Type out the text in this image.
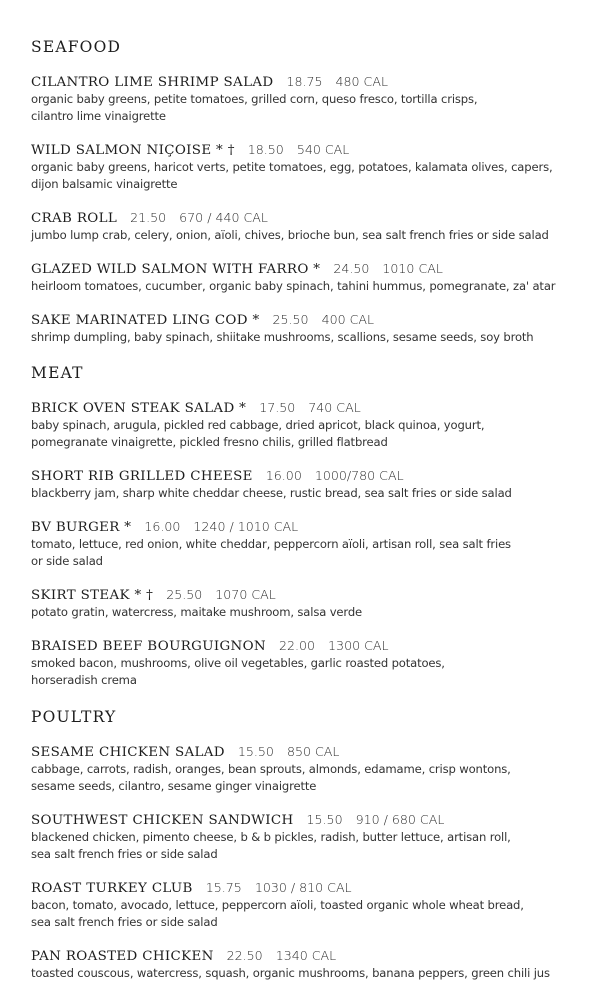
SEAFOOD
CILANTRO LIME SHRIMP SALAD 18.75 480 CAL
organic baby greens, petite tomatoes, grilled corn, queso fresco, tortilla crisps,
cilantro lime vinaigrette
WILD SALMON NIÇOISE * † 18.50 540 CAL
organic baby greens, haricot verts, petite tomatoes, egg, potatoes, kalamata olives, capers,
dijon balsamic vinaigrette
CRAB ROLL 21.50 670 / 440 CAL
jumbo lump crab, celery, onion, aïoli, chives, brioche bun, sea salt french fries or side salad
GLAZED WILD SALMON WITH FARRO * 24.50 1010 CAL
heirloom tomatoes, cucumber, organic baby spinach, tahini hummus, pomegranate, za' atar
SAKE MARINATED LING COD * 25.50 400 CAL
shrimp dumpling, baby spinach, shiitake mushrooms, scallions, sesame seeds, soy broth
MEAT
BRICK OVEN STEAK SALAD * 17.50 740 CAL
baby spinach, arugula, pickled red cabbage, dried apricot, black quinoa, yogurt,
pomegranate vinaigrette, pickled fresno chilis, grilled flatbread
SHORT RIB GRILLED CHEESE 16.00 1000/780 CAL
blackberry jam, sharp white cheddar cheese, rustic bread, sea salt fries or side salad
BV BURGER * 16.00 1240 / 1010 CAL
tomato, lettuce, red onion, white cheddar, peppercorn aïoli, artisan roll, sea salt fries
or side salad
SKIRT STEAK * † 25.50 1070 CAL
potato gratin, watercress, maitake mushroom, salsa verde
BRAISED BEEF BOURGUIGNON 22.00 1300 CAL
smoked bacon, mushrooms, olive oil vegetables, garlic roasted potatoes,
horseradish crema
POULTRY
SESAME CHICKEN SALAD 15.50 850 CAL
cabbage, carrots, radish, oranges, bean sprouts, almonds, edamame, crisp wontons,
sesame seeds, cilantro, sesame ginger vinaigrette
SOUTHWEST CHICKEN SANDWICH 15.50 910 / 680 CAL
blackened chicken, pimento cheese, b & b pickles, radish, butter lettuce, artisan roll,
sea salt french fries or side salad
ROAST TURKEY CLUB 15.75 1030 / 810 CAL
bacon, tomato, avocado, lettuce, peppercorn aïoli, toasted organic whole wheat bread,
sea salt french fries or side salad
PAN ROASTED CHICKEN 22.50 1340 CAL
toasted couscous, watercress, squash, organic mushrooms, banana peppers, green chili jus
